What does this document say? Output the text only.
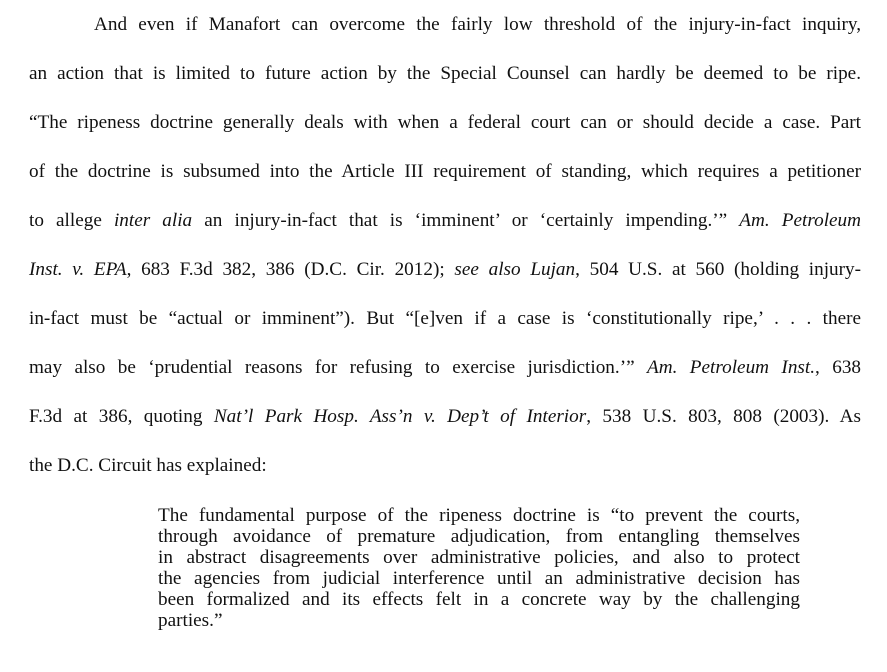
And even if Manafort can overcome the fairly low threshold of the injury-in-fact inquiry,
an action that is limited to future action by the Special Counsel can hardly be deemed to be ripe.
“The ripeness doctrine generally deals with when a federal court can or should decide a case. Part
of the doctrine is subsumed into the Article III requirement of standing, which requires a petitioner
to allege inter alia an injury-in-fact that is ‘imminent’ or ‘certainly impending.’” Am. Petroleum
Inst. v. EPA, 683 F.3d 382, 386 (D.C. Cir. 2012); see also Lujan, 504 U.S. at 560 (holding injury-
in-fact must be “actual or imminent”). But “[e]ven if a case is ‘constitutionally ripe,’ . . . there
may also be ‘prudential reasons for refusing to exercise jurisdiction.’” Am. Petroleum Inst., 638
F.3d at 386, quoting Nat’l Park Hosp. Ass’n v. Dep’t of Interior, 538 U.S. 803, 808 (2003). As
the D.C. Circuit has explained:
The fundamental purpose of the ripeness doctrine is “to prevent the courts,
through avoidance of premature adjudication, from entangling themselves
in abstract disagreements over administrative policies, and also to protect
the agencies from judicial interference until an administrative decision has
been formalized and its effects felt in a concrete way by the challenging
parties.”
